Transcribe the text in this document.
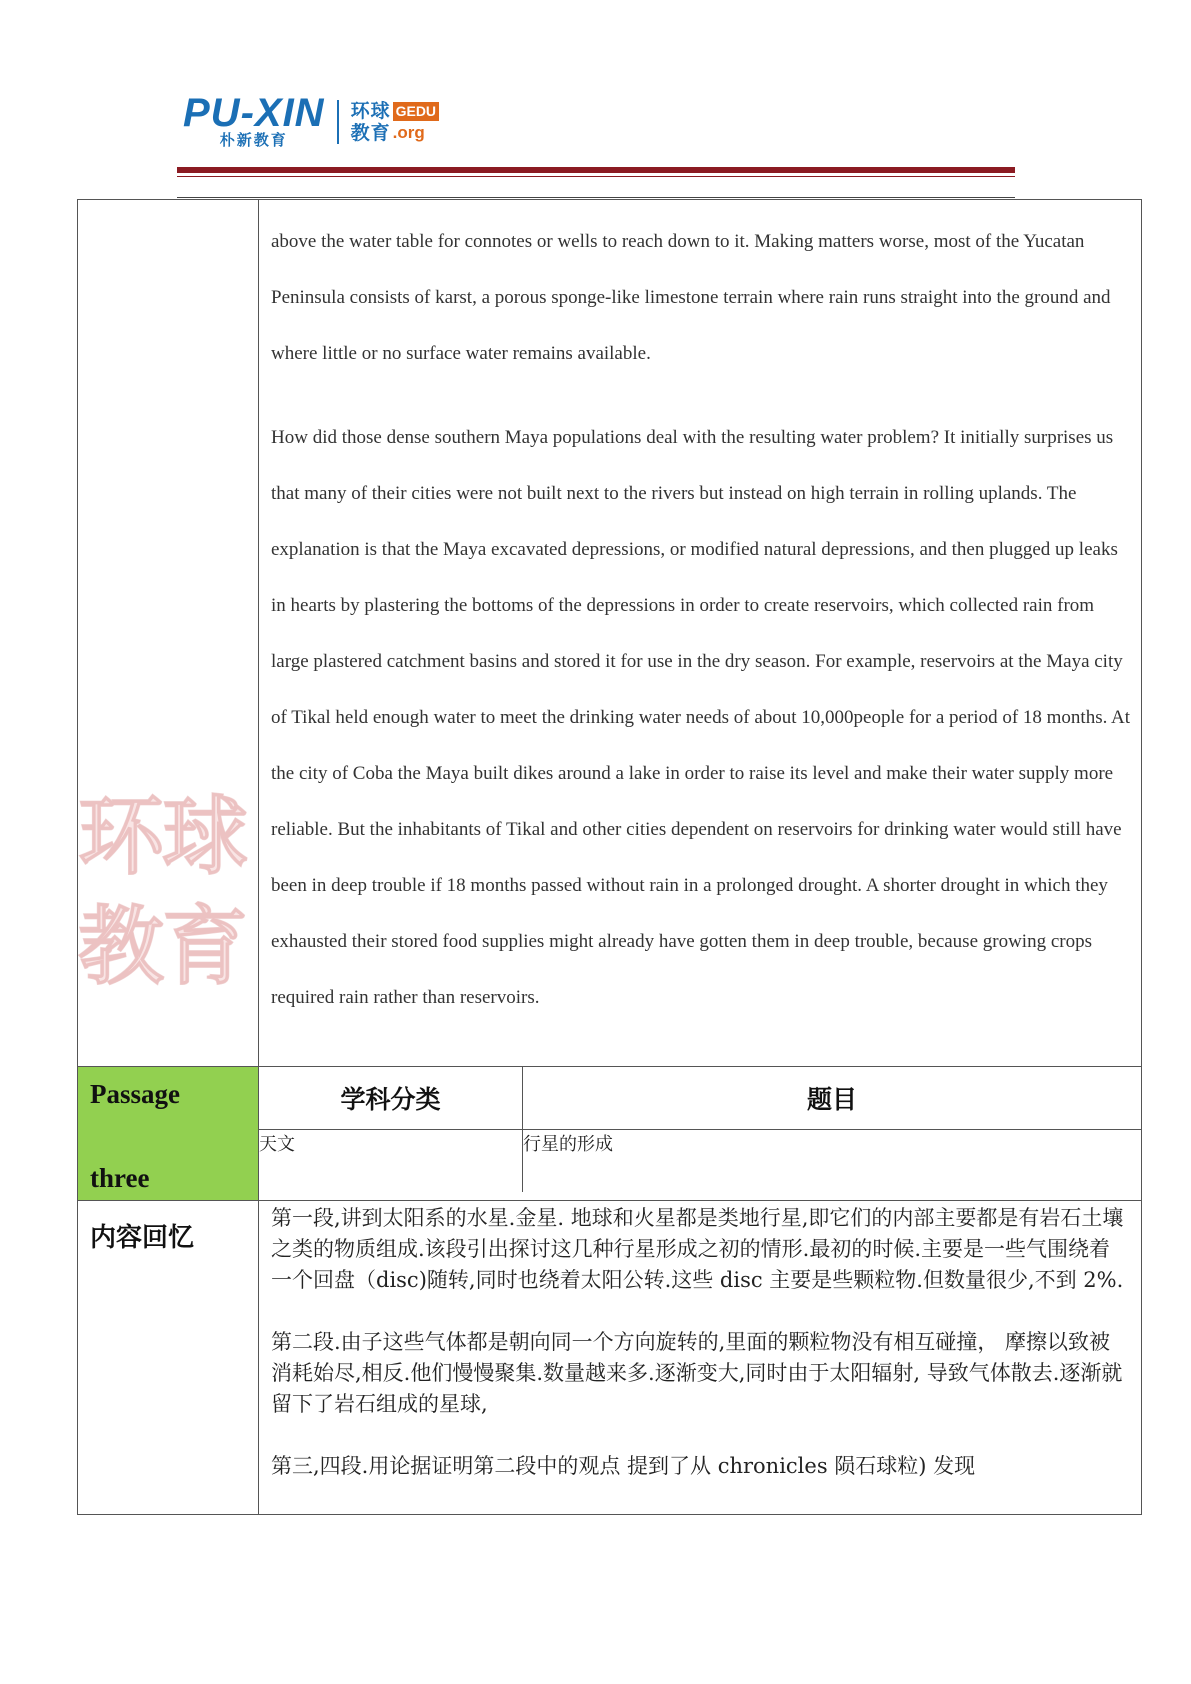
PU-XIN
朴新教育
环球 GEDU
教育 .org

above the water table for connotes or wells to reach down to it. Making matters worse, most of the Yucatan Peninsula consists of karst, a porous sponge-like limestone terrain where rain runs straight into the ground and where little or no surface water remains available.

How did those dense southern Maya populations deal with the resulting water problem? It initially surprises us that many of their cities were not built next to the rivers but instead on high terrain in rolling uplands. The explanation is that the Maya excavated depressions, or modified natural depressions, and then plugged up leaks in hearts by plastering the bottoms of the depressions in order to create reservoirs, which collected rain from large plastered catchment basins and stored it for use in the dry season. For example, reservoirs at the Maya city of Tikal held enough water to meet the drinking water needs of about 10,000people for a period of 18 months. At the city of Coba the Maya built dikes around a lake in order to raise its level and make their water supply more reliable. But the inhabitants of Tikal and other cities dependent on reservoirs for drinking water would still have been in deep trouble if 18 months passed without rain in a prolonged drought. A shorter drought in which they exhausted their stored food supplies might already have gotten them in deep trouble, because growing crops required rain rather than reservoirs.

Passage
three

学科分类	题目
天文	行星的形成

内容回忆

第一段,讲到太阳系的水星.金星. 地球和火星都是类地行星,即它们的内部主要都是有岩石土壤之类的物质组成.该段引出探讨这几种行星形成之初的情形.最初的时候.主要是一些气围绕着一个回盘（disc)随转,同时也绕着太阳公转.这些 disc 主要是些颗粒物.但数量很少,不到 2%.

第二段.由子这些气体都是朝向同一个方向旋转的,里面的颗粒物没有相互碰撞， 摩擦以致被消耗始尽,相反.他们慢慢聚集.数量越来多.逐渐变大,同时由于太阳辐射, 导致气体散去.逐渐就留下了岩石组成的星球,

第三,四段.用论据证明第二段中的观点 提到了从 chronicles 陨石球粒) 发现

环球教育
